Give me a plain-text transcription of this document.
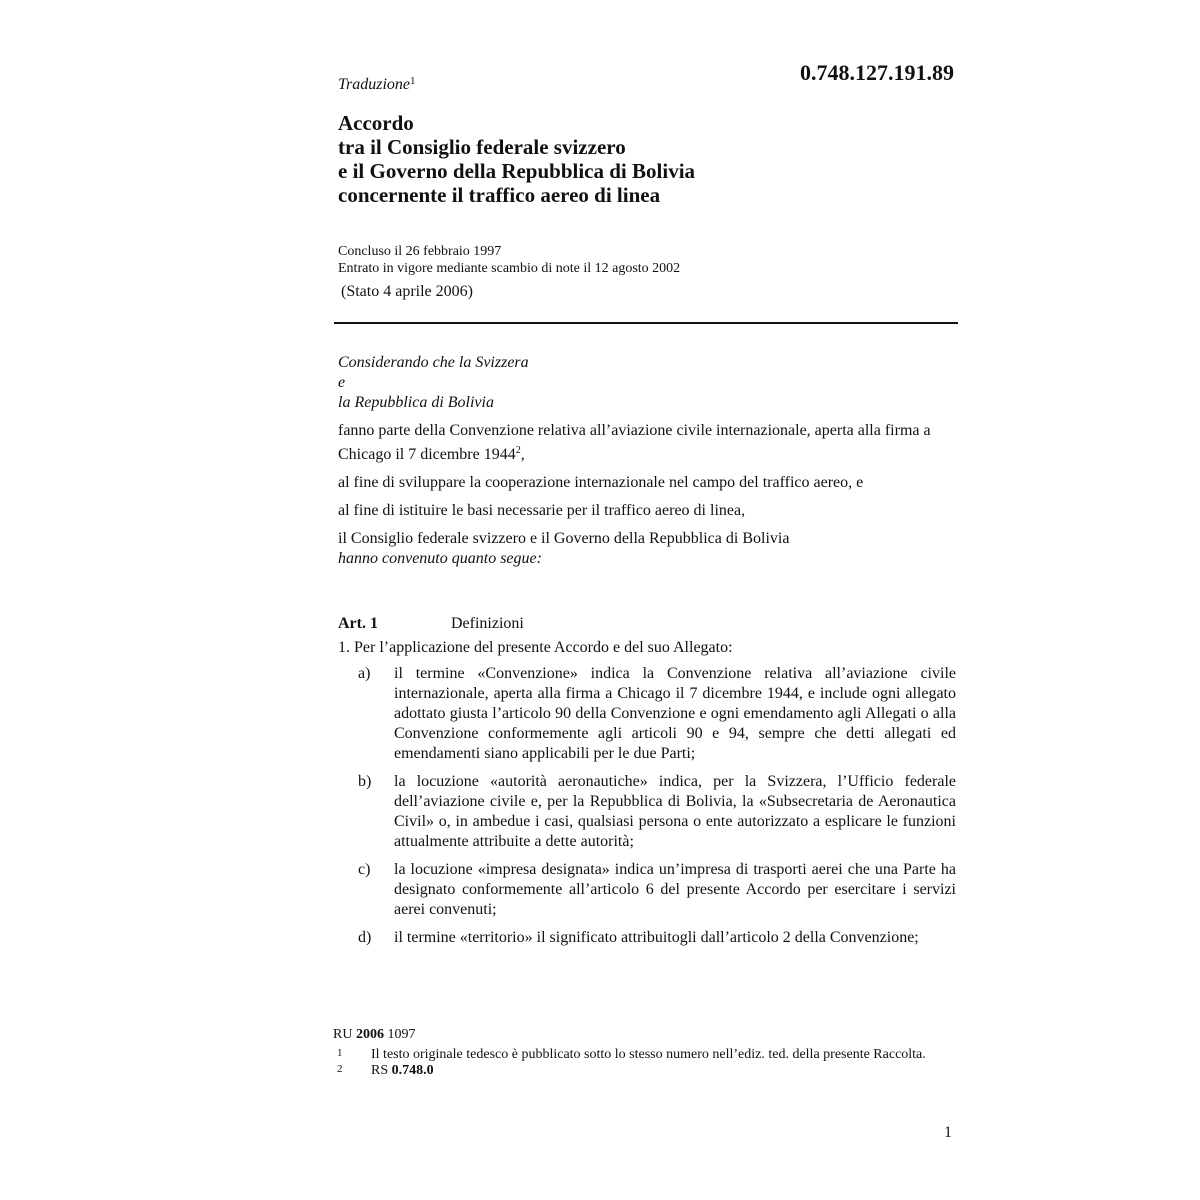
0.748.127.191.89
Traduzione$^1$
Accordo
tra il Consiglio federale svizzero
e il Governo della Repubblica di Bolivia
concernente il traffico aereo di linea
Concluso il 26 febbraio 1997
Entrato in vigore mediante scambio di note il 12 agosto 2002
(Stato 4 aprile 2006)
Considerando che la Svizzera
e
la Repubblica di Bolivia

fanno parte della Convenzione relativa all’aviazione civile internazionale, aperta alla firma a Chicago il 7 dicembre 1944$^2$,

al fine di sviluppare la cooperazione internazionale nel campo del traffico aereo, e

al fine di istituire le basi necessarie per il traffico aereo di linea,

il Consiglio federale svizzero e il Governo della Repubblica di Bolivia

hanno convenuto quanto segue:

Art. 1	Definizioni
1. Per l’applicazione del presente Accordo e del suo Allegato:
a) il termine «Convenzione» indica la Convenzione relativa all’aviazione civile internazionale, aperta alla firma a Chicago il 7 dicembre 1944, e include ogni allegato adottato giusta l’articolo 90 della Convenzione e ogni emendamento agli Allegati o alla Convenzione conformemente agli articoli 90 e 94, sempre che detti allegati ed emendamenti siano applicabili per le due Parti;
b) la locuzione «autorità aeronautiche» indica, per la Svizzera, l’Ufficio federale dell’aviazione civile e, per la Repubblica di Bolivia, la «Subsecretaria de Aeronautica Civil» o, in ambedue i casi, qualsiasi persona o ente autorizzato a esplicare le funzioni attualmente attribuite a dette autorità;
c) la locuzione «impresa designata» indica un’impresa di trasporti aerei che una Parte ha designato conformemente all’articolo 6 del presente Accordo per esercitare i servizi aerei convenuti;
d) il termine «territorio» il significato attribuitogli dall’articolo 2 della Convenzione;
RU 2006 1097
1 Il testo originale tedesco è pubblicato sotto lo stesso numero nell’ediz. ted. della presente Raccolta.
2 RS 0.748.0
1
